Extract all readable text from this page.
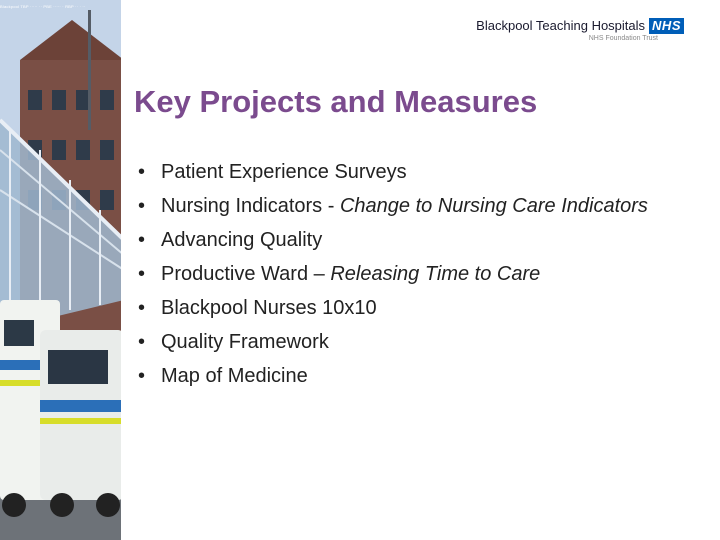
Blackpool TBP ····· ·· PBE ····· · RBP ·· · ··
Blackpool Teaching Hospitals NHS
NHS Foundation Trust
Key Projects and Measures
• Patient Experience Surveys
• Nursing Indicators - Change to Nursing Care Indicators
• Advancing Quality
• Productive Ward – Releasing Time to Care
• Blackpool Nurses 10x10
• Quality Framework
• Map of Medicine
